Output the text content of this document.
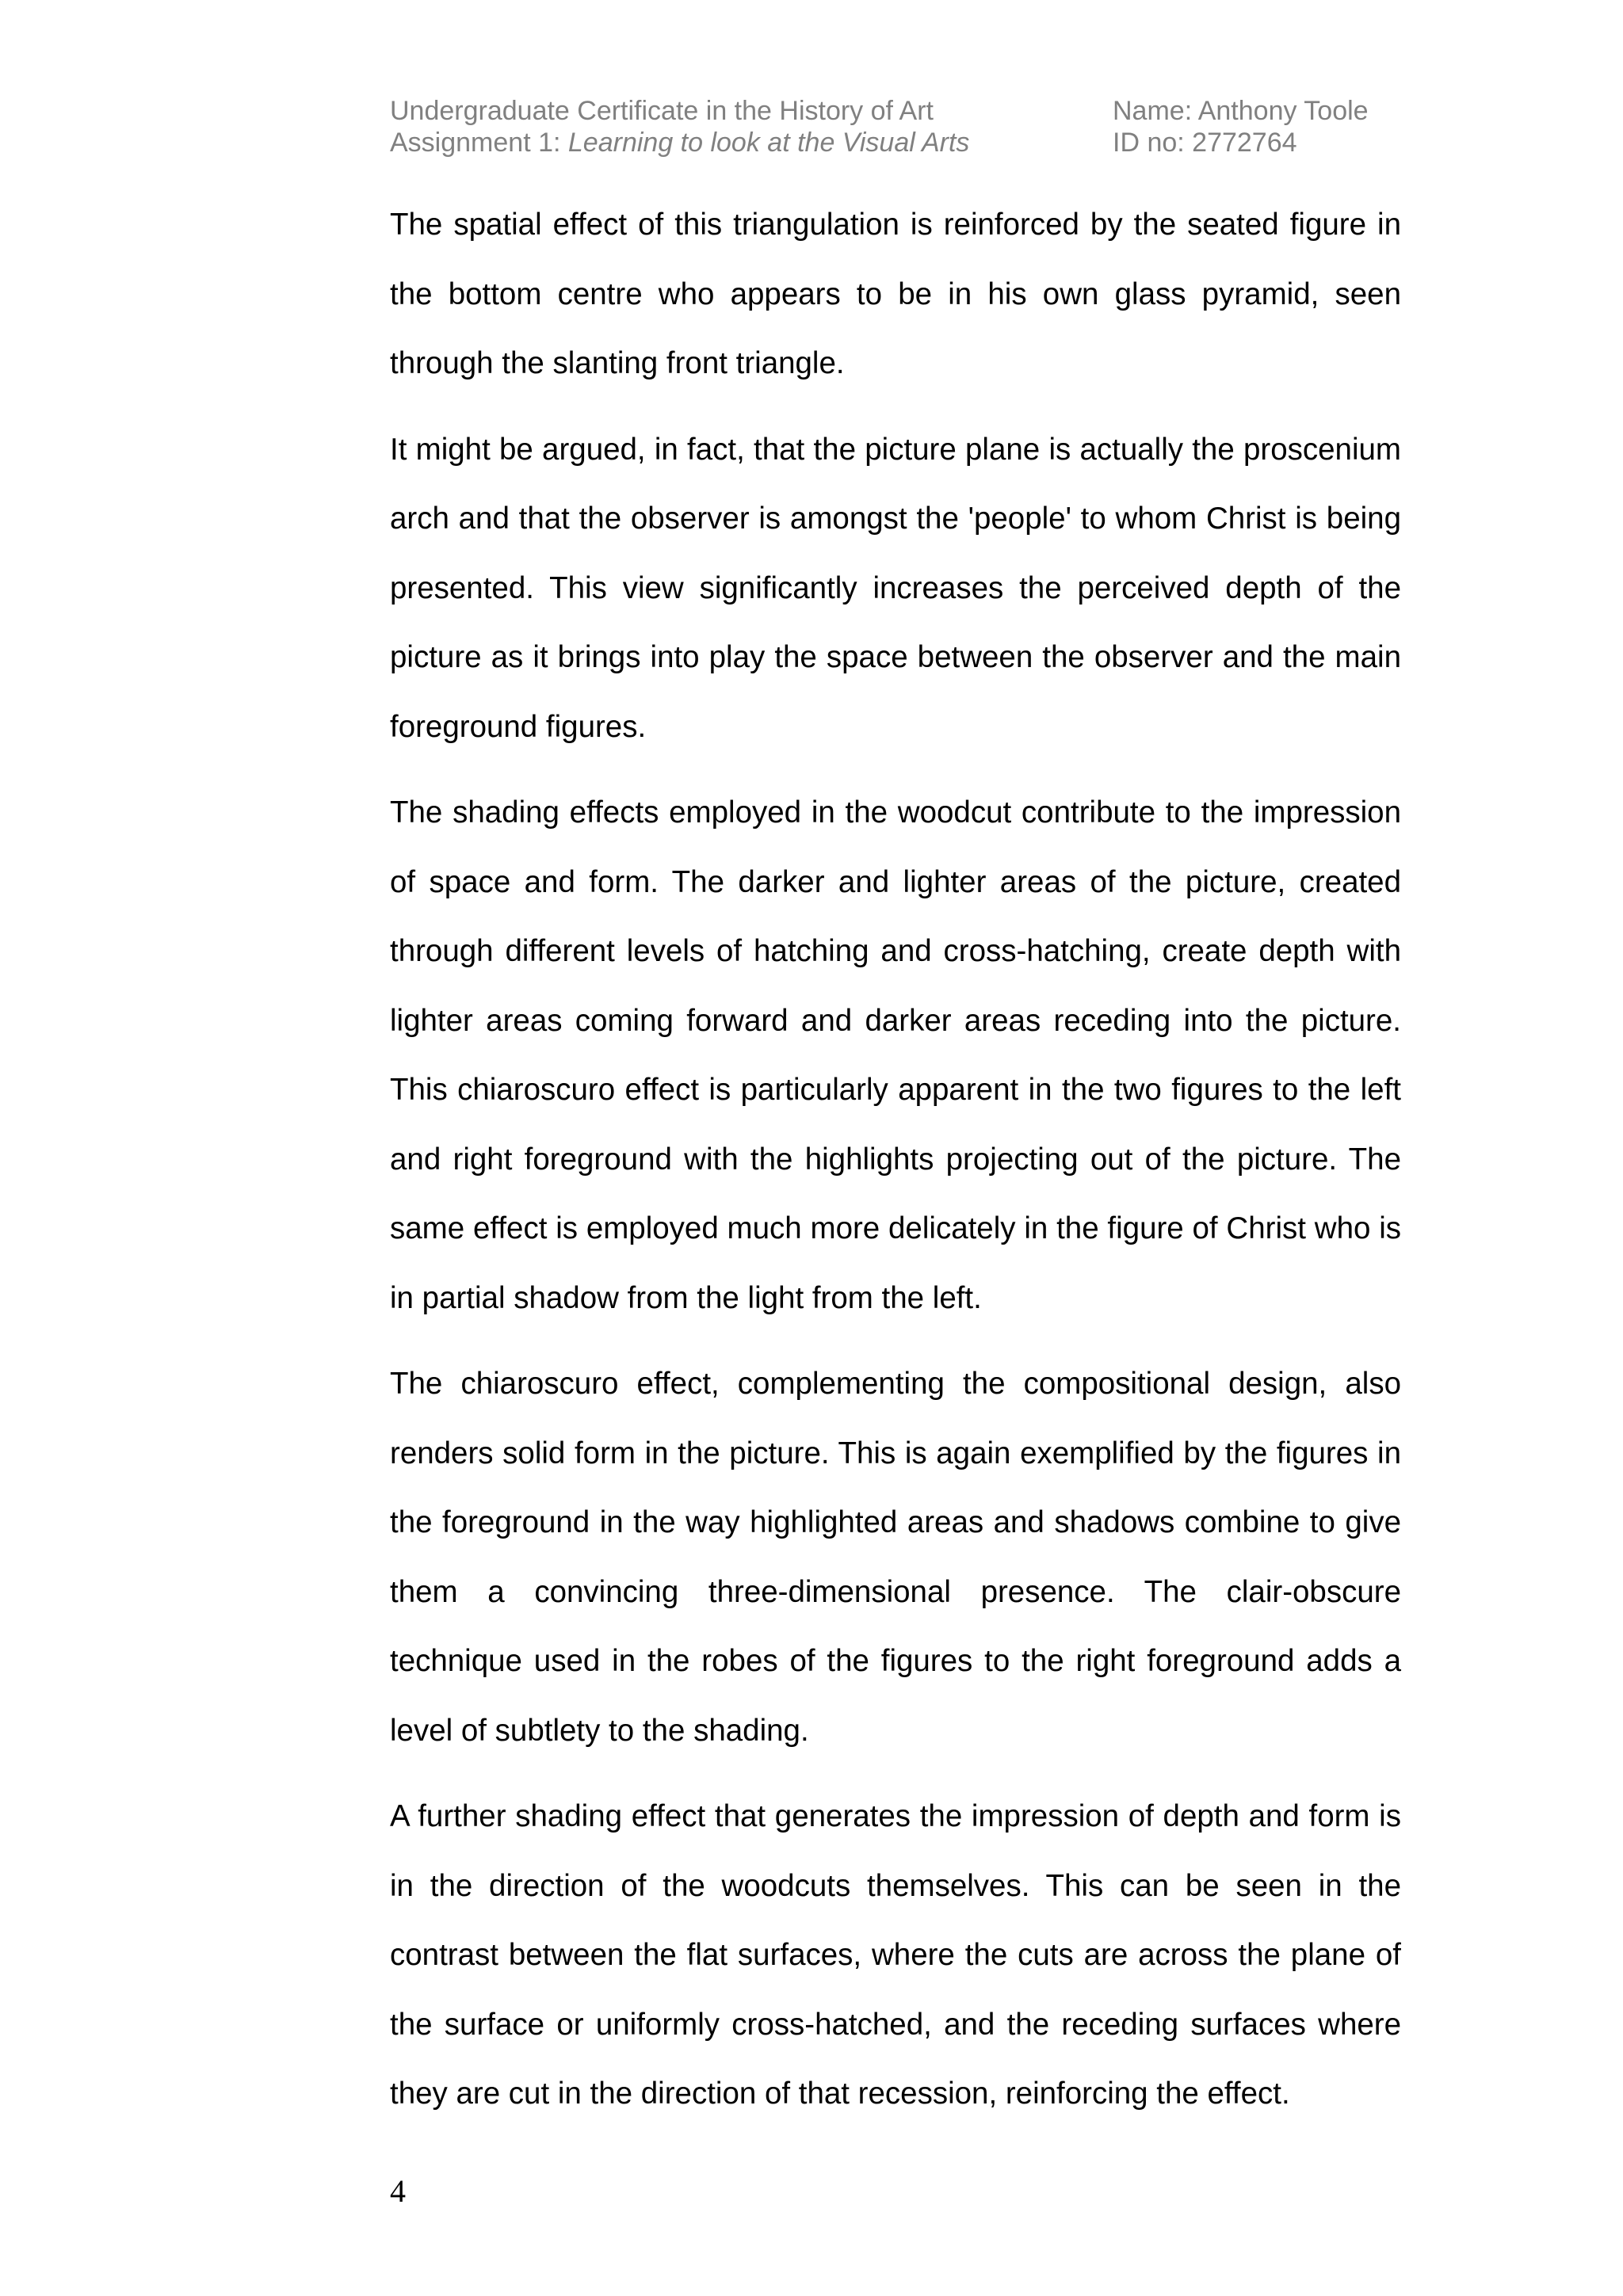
Undergraduate Certificate in the History of Art	Name: Anthony Toole
Assignment 1: Learning to look at the Visual Arts	ID no: 2772764

The spatial effect of this triangulation is reinforced by the seated figure in the bottom centre who appears to be in his own glass pyramid, seen through the slanting front triangle.

It might be argued, in fact, that the picture plane is actually the proscenium arch and that the observer is amongst the 'people' to whom Christ is being presented. This view significantly increases the perceived depth of the picture as it brings into play the space between the observer and the main foreground figures.

The shading effects employed in the woodcut contribute to the impression of space and form. The darker and lighter areas of the picture, created through different levels of hatching and cross-hatching, create depth with lighter areas coming forward and darker areas receding into the picture. This chiaroscuro effect is particularly apparent in the two figures to the left and right foreground with the highlights projecting out of the picture. The same effect is employed much more delicately in the figure of Christ who is in partial shadow from the light from the left.

The chiaroscuro effect, complementing the compositional design, also renders solid form in the picture. This is again exemplified by the figures in the foreground in the way highlighted areas and shadows combine to give them a convincing three-dimensional presence. The clair-obscure technique used in the robes of the figures to the right foreground adds a level of subtlety to the shading.

A further shading effect that generates the impression of depth and form is in the direction of the woodcuts themselves. This can be seen in the contrast between the flat surfaces, where the cuts are across the plane of the surface or uniformly cross-hatched, and the receding surfaces where they are cut in the direction of that recession, reinforcing the effect.

4
